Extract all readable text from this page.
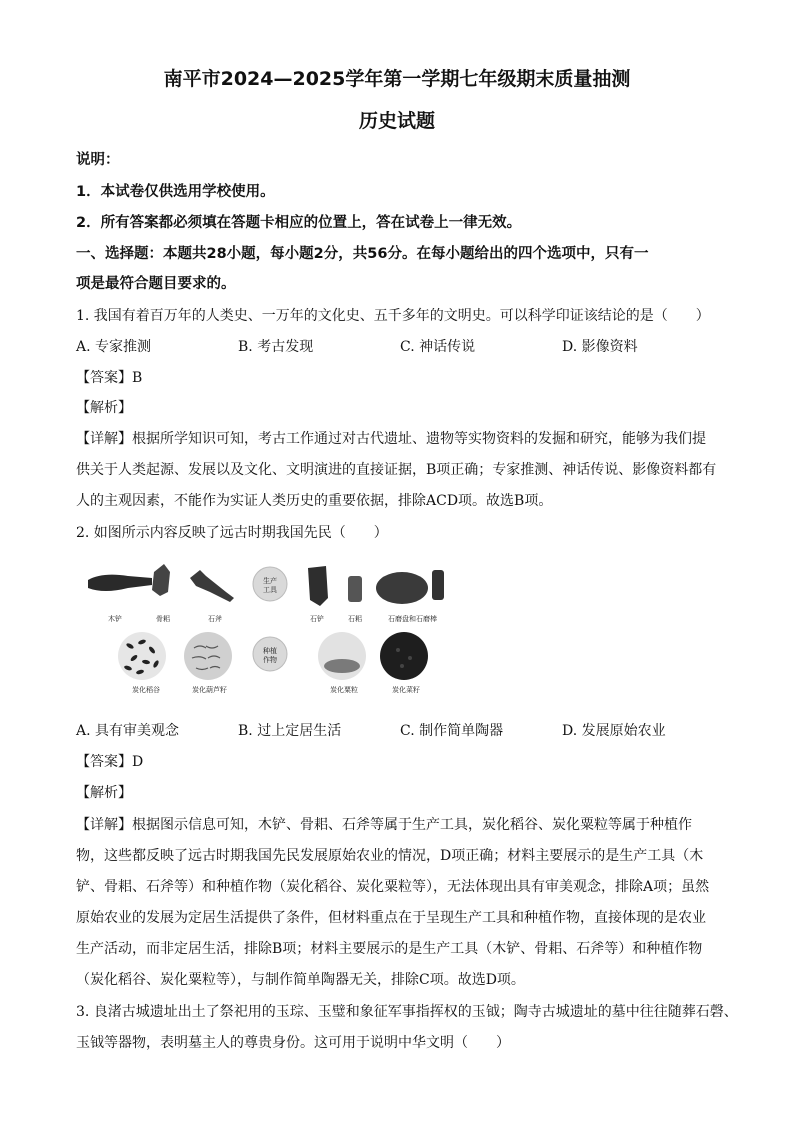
南平市2024—2025学年第一学期七年级期末质量抽测
历史试题
说明：
1．本试卷仅供选用学校使用。
2．所有答案都必须填在答题卡相应的位置上，答在试卷上一律无效。
一、选择题：本题共28小题，每小题2分，共56分。在每小题给出的四个选项中，只有一
项是最符合题目要求的。
1. 我国有着百万年的人类史、一万年的文化史、五千多年的文明史。可以科学印证该结论的是（　　）
A. 专家推测	B. 考古发现	C. 神话传说	D. 影像资料
【答案】B
【解析】
【详解】根据所学知识可知，考古工作通过对古代遗址、遗物等实物资料的发掘和研究，能够为我们提
供关于人类起源、发展以及文化、文明演进的直接证据，B项正确；专家推测、神话传说、影像资料都有
人的主观因素，不能作为实证人类历史的重要依据，排除ACD项。故选B项。
2. 如图所示内容反映了远古时期我国先民（　　）
木铲	骨耜	石斧
生产
工具
石铲	石耜	石磨盘和石磨棒
炭化稻谷	炭化葫芦籽
种植
作物
炭化粟粒	炭化菜籽
A. 具有审美观念	B. 过上定居生活	C. 制作简单陶器	D. 发展原始农业
【答案】D
【解析】
【详解】根据图示信息可知，木铲、骨耜、石斧等属于生产工具，炭化稻谷、炭化粟粒等属于种植作
物，这些都反映了远古时期我国先民发展原始农业的情况，D项正确；材料主要展示的是生产工具（木
铲、骨耜、石斧等）和种植作物（炭化稻谷、炭化粟粒等），无法体现出具有审美观念，排除A项；虽然
原始农业的发展为定居生活提供了条件，但材料重点在于呈现生产工具和种植作物，直接体现的是农业
生产活动，而非定居生活，排除B项；材料主要展示的是生产工具（木铲、骨耜、石斧等）和种植作物
（炭化稻谷、炭化粟粒等），与制作简单陶器无关，排除C项。故选D项。
3. 良渚古城遗址出土了祭祀用的玉琮、玉璧和象征军事指挥权的玉钺；陶寺古城遗址的墓中往往随葬石磬、
玉钺等器物，表明墓主人的尊贵身份。这可用于说明中华文明（　　）
